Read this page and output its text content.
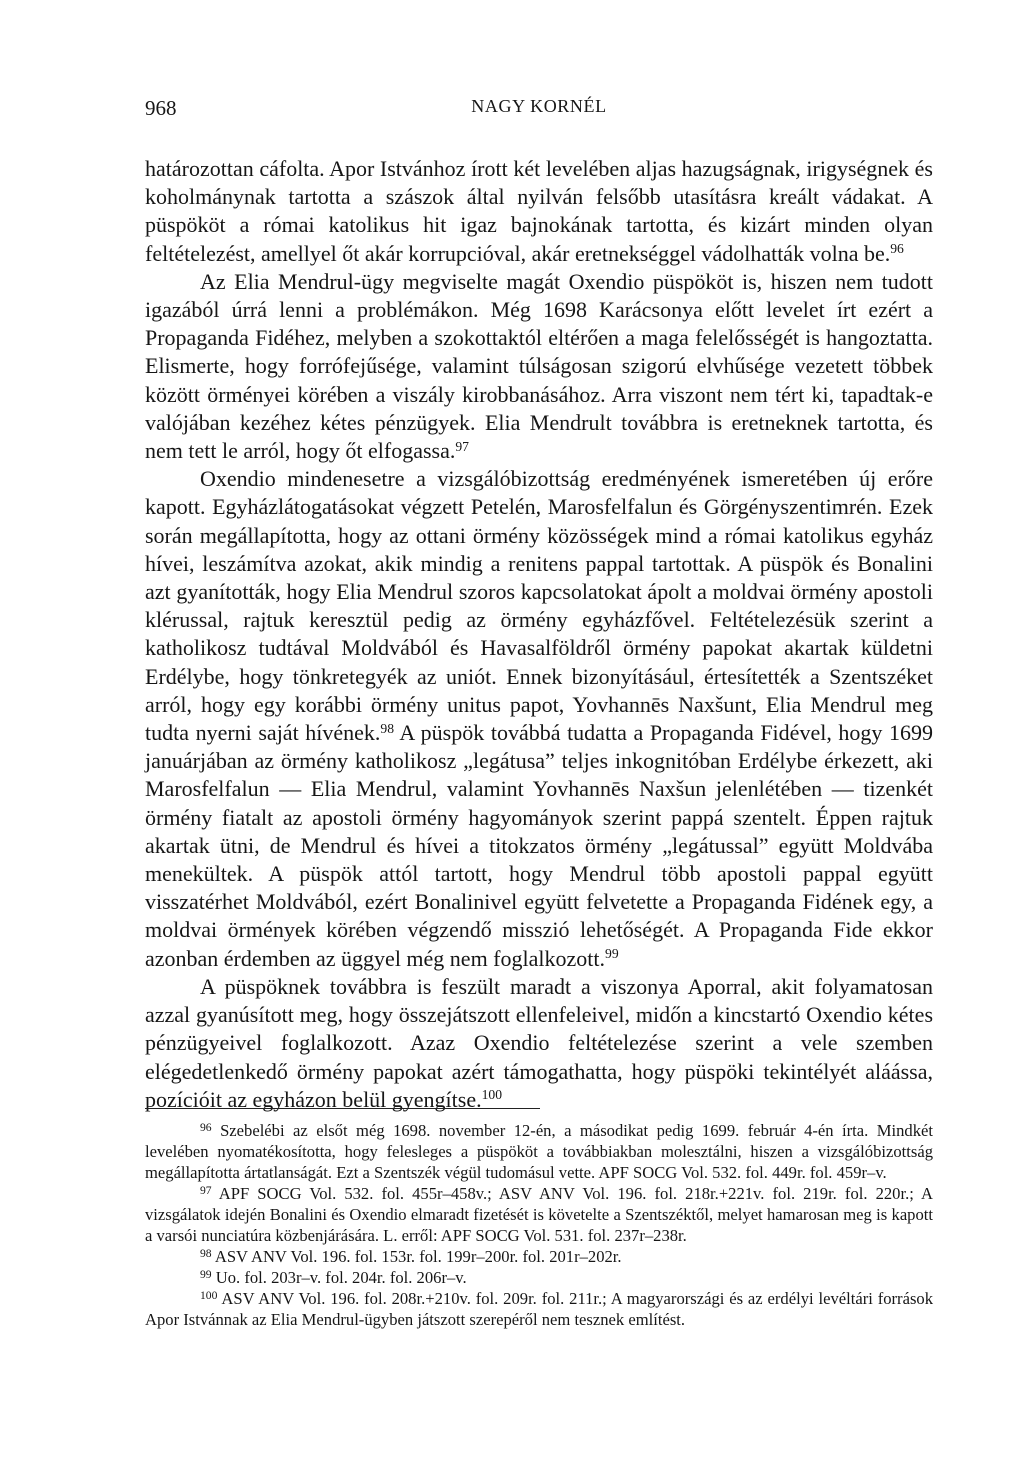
968	NAGY KORNÉL

határozottan cáfolta. Apor Istvánhoz írott két levelében aljas hazugságnak, irigységnek és koholmánynak tartotta a szászok által nyilván felsőbb utasításra kreált vádakat. A püspököt a római katolikus hit igaz bajnokának tartotta, és kizárt minden olyan feltételezést, amellyel őt akár korrupcióval, akár eretnekséggel vádolhatták volna be.$^{96}$

Az Elia Mendrul-ügy megviselte magát Oxendio püspököt is, hiszen nem tudott igazából úrrá lenni a problémákon. Még 1698 Karácsonya előtt levelet írt ezért a Propaganda Fidéhez, melyben a szokottaktól eltérően a maga felelősségét is hangoztatta. Elismerte, hogy forrófejűsége, valamint túlságosan szigorú elvhűsége vezetett többek között örményei körében a viszály kirobbanásához. Arra viszont nem tért ki, tapadtak-e valójában kezéhez kétes pénzügyek. Elia Mendrult továbbra is eretneknek tartotta, és nem tett le arról, hogy őt elfogassa.$^{97}$

Oxendio mindenesetre a vizsgálóbizottság eredményének ismeretében új erőre kapott. Egyházlátogatásokat végzett Petelén, Marosfelfalun és Görgényszentimrén. Ezek során megállapította, hogy az ottani örmény közösségek mind a római katolikus egyház hívei, leszámítva azokat, akik mindig a renitens pappal tartottak. A püspök és Bonalini azt gyanították, hogy Elia Mendrul szoros kapcsolatokat ápolt a moldvai örmény apostoli klérussal, rajtuk keresztül pedig az örmény egyházfővel. Feltételezésük szerint a katholikosz tudtával Moldvából és Havasalföldről örmény papokat akartak küldetni Erdélybe, hogy tönkretegyék az uniót. Ennek bizonyításául, értesítették a Szentszéket arról, hogy egy korábbi örmény unitus papot, Yovhannēs Naxšunt, Elia Mendrul meg tudta nyerni saját hívének.$^{98}$ A püspök továbbá tudatta a Propaganda Fidével, hogy 1699 januárjában az örmény katholikosz „legátusa” teljes inkognitóban Erdélybe érkezett, aki Marosfelfalun — Elia Mendrul, valamint Yovhannēs Naxšun jelenlétében — tizenkét örmény fiatalt az apostoli örmény hagyományok szerint pappá szentelt. Éppen rajtuk akartak ütni, de Mendrul és hívei a titokzatos örmény „legátussal” együtt Moldvába menekültek. A püspök attól tartott, hogy Mendrul több apostoli pappal együtt visszatérhet Moldvából, ezért Bonalinivel együtt felvetette a Propaganda Fidének egy, a moldvai örmények körében végzendő misszió lehetőségét. A Propaganda Fide ekkor azonban érdemben az üggyel még nem foglalkozott.$^{99}$

A püspöknek továbbra is feszült maradt a viszonya Aporral, akit folyamatosan azzal gyanúsított meg, hogy összejátszott ellenfeleivel, midőn a kincstartó Oxendio kétes pénzügyeivel foglalkozott. Azaz Oxendio feltételezése szerint a vele szemben elégedetlenkedő örmény papokat azért támogathatta, hogy püspöki tekintélyét aláássa, pozícióit az egyházon belül gyengítse.$^{100}$

$^{96}$ Szebelébi az elsőt még 1698. november 12-én, a másodikat pedig 1699. február 4-én írta. Mindkét levelében nyomatékosította, hogy felesleges a püspököt a továbbiakban molesztálni, hiszen a vizsgálóbizottság megállapította ártatlanságát. Ezt a Szentszék végül tudomásul vette. APF SOCG Vol. 532. fol. 449r. fol. 459r–v.

$^{97}$ APF SOCG Vol. 532. fol. 455r–458v.; ASV ANV Vol. 196. fol. 218r.+221v. fol. 219r. fol. 220r.; A vizsgálatok idején Bonalini és Oxendio elmaradt fizetését is követelte a Szentszéktől, melyet hamarosan meg is kapott a varsói nunciatúra közbenjárására. L. erről: APF SOCG Vol. 531. fol. 237r–238r.

$^{98}$ ASV ANV Vol. 196. fol. 153r. fol. 199r–200r. fol. 201r–202r.

$^{99}$ Uo. fol. 203r–v. fol. 204r. fol. 206r–v.

$^{100}$ ASV ANV Vol. 196. fol. 208r.+210v. fol. 209r. fol. 211r.; A magyarországi és az erdélyi levéltári források Apor Istvánnak az Elia Mendrul-ügyben játszott szerepéről nem tesznek említést.
